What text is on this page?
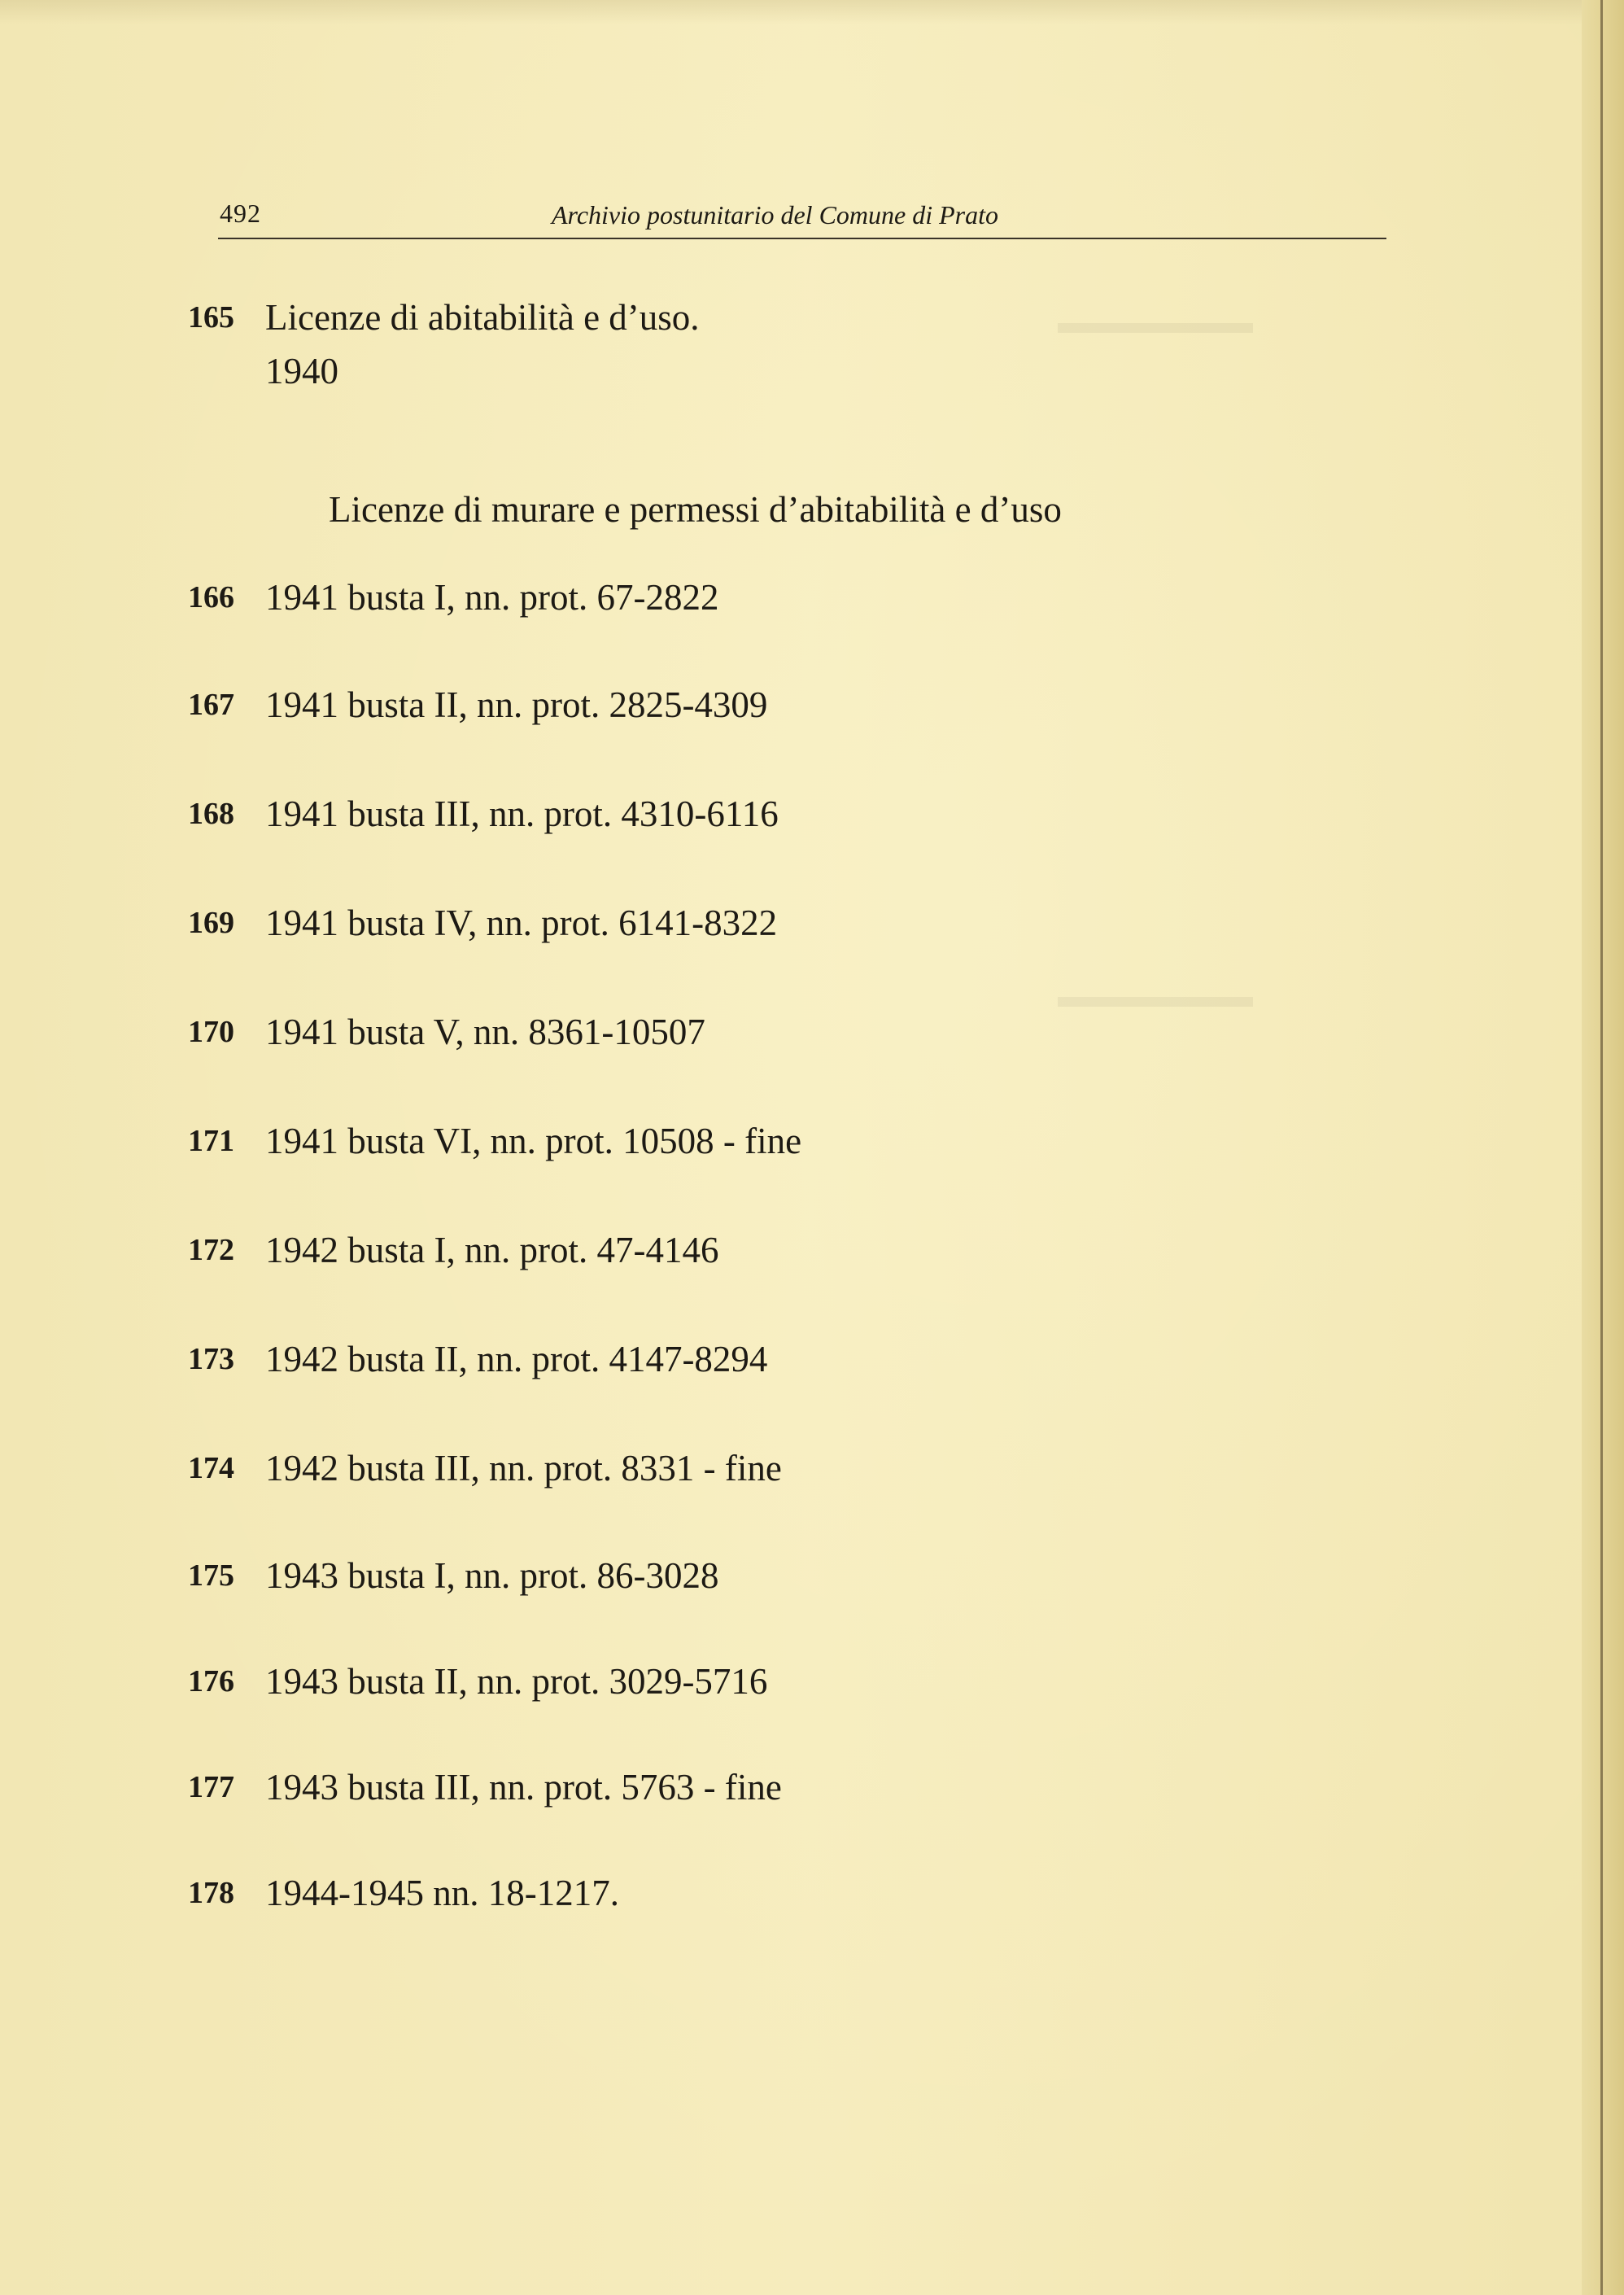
▬▬▬▬▬▬
▬▬▬▬▬▬
492	Archivio postunitario del Comune di Prato
165 Licenze di abitabilità e d’uso.
1940
Licenze di murare e permessi d’abitabilità e d’uso
166 1941 busta I, nn. prot. 67-2822
167 1941 busta II, nn. prot. 2825-4309
168 1941 busta III, nn. prot. 4310-6116
169 1941 busta IV, nn. prot. 6141-8322
170 1941 busta V, nn. 8361-10507
171 1941 busta VI, nn. prot. 10508 - fine
172 1942 busta I, nn. prot. 47-4146
173 1942 busta II, nn. prot. 4147-8294
174 1942 busta III, nn. prot. 8331 - fine
175 1943 busta I, nn. prot. 86-3028
176 1943 busta II, nn. prot. 3029-5716
177 1943 busta III, nn. prot. 5763 - fine
178 1944-1945 nn. 18-1217.
